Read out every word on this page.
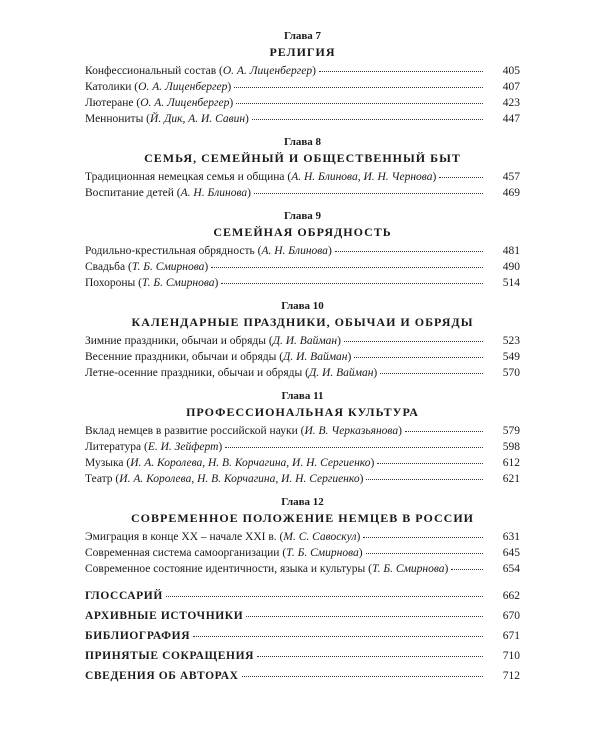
Глава 7
РЕЛИГИЯ
Конфессиональный состав (О. А. Лиценбергер)	405
Католики (О. А. Лиценбергер)	407
Лютеране (О. А. Лиценбергер)	423
Меннониты (Й. Дик, А. И. Савин)	447
Глава 8
СЕМЬЯ, СЕМЕЙНЫЙ И ОБЩЕСТВЕННЫЙ БЫТ
Традиционная немецкая семья и община (А. Н. Блинова, И. Н. Чернова)	457
Воспитание детей (А. Н. Блинова)	469
Глава 9
СЕМЕЙНАЯ ОБРЯДНОСТЬ
Родильно-крестильная обрядность (А. Н. Блинова)	481
Свадьба (Т. Б. Смирнова)	490
Похороны (Т. Б. Смирнова)	514
Глава 10
КАЛЕНДАРНЫЕ ПРАЗДНИКИ, ОБЫЧАИ И ОБРЯДЫ
Зимние праздники, обычаи и обряды (Д. И. Вайман)	523
Весенние праздники, обычаи и обряды (Д. И. Вайман)	549
Летне-осенние праздники, обычаи и обряды (Д. И. Вайман)	570
Глава 11
ПРОФЕССИОНАЛЬНАЯ КУЛЬТУРА
Вклад немцев в развитие российской науки (И. В. Черказьянова)	579
Литература (Е. И. Зейферт)	598
Музыка (И. А. Королева, Н. В. Корчагина, И. Н. Сергиенко)	612
Театр (И. А. Королева, Н. В. Корчагина, И. Н. Сергиенко)	621
Глава 12
СОВРЕМЕННОЕ ПОЛОЖЕНИЕ НЕМЦЕВ В РОССИИ
Эмиграция в конце XX – начале XXI в. (М. С. Савоскул)	631
Современная система самоорганизации (Т. Б. Смирнова)	645
Современное состояние идентичности, языка и культуры (Т. Б. Смирнова)	654
ГЛОССАРИЙ	662
АРХИВНЫЕ ИСТОЧНИКИ	670
БИБЛИОГРАФИЯ	671
ПРИНЯТЫЕ СОКРАЩЕНИЯ	710
СВЕДЕНИЯ ОБ АВТОРАХ	712
